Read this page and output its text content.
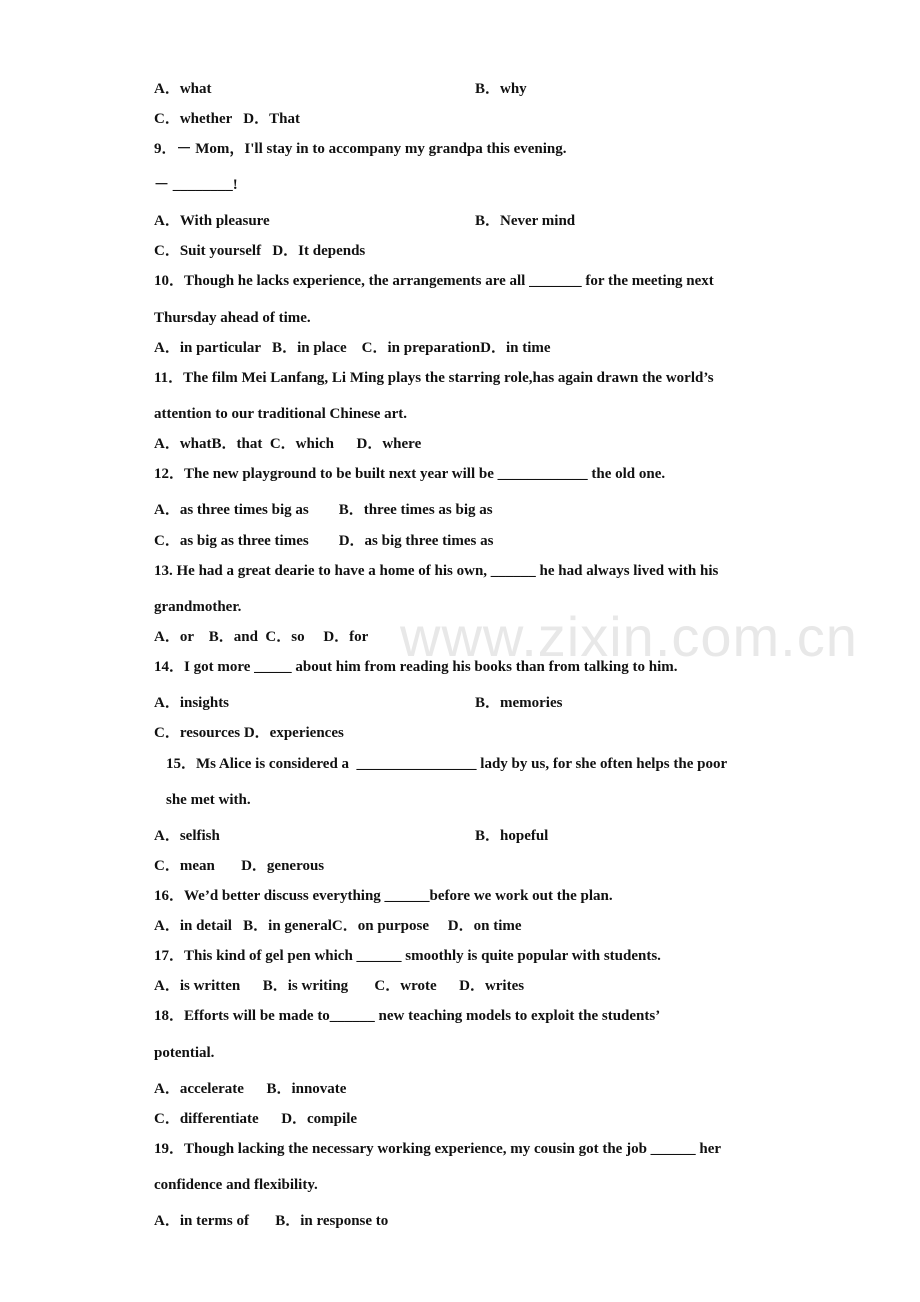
www.zixin.com.cn
A．what	B．why
C．whether   D．That
9．－ Mom，I'll stay in to accompany my grandpa this evening.
－ ________!
A．With pleasure	B．Never mind
C．Suit yourself   D．It depends
10．Though he lacks experience, the arrangements are all _______ for the meeting next
Thursday ahead of time.
A．in particular   B．in place    C．in preparationD．in time
11．The film Mei Lanfang, Li Ming plays the starring role,has again drawn the world’s
attention to our traditional Chinese art.
A．whatB．that  C．which      D．where
12．The new playground to be built next year will be ____________ the old one.
A．as three times big as        B．three times as big as
C．as big as three times        D．as big three times as
13. He had a great dearie to have a home of his own, ______ he had always lived with his
grandmother.
A．or    B．and  C．so     D．for
14．I got more _____ about him from reading his books than from talking to him.
A．insights	B．memories
C．resources D．experiences
15．Ms Alice is considered a  ________________ lady by us, for she often helps the poor
she met with.
A．selfish	B．hopeful
C．mean       D．generous
16．We’d better discuss everything ______before we work out the plan.
A．in detail   B．in generalC．on purpose     D．on time
17．This kind of gel pen which ______ smoothly is quite popular with students.
A．is written      B．is writing       C．wrote      D．writes
18．Efforts will be made to______ new teaching models to exploit the students’
potential.
A．accelerate      B．innovate
C．differentiate      D．compile
19．Though lacking the necessary working experience, my cousin got the job ______ her
confidence and flexibility.
A．in terms of       B．in response to
